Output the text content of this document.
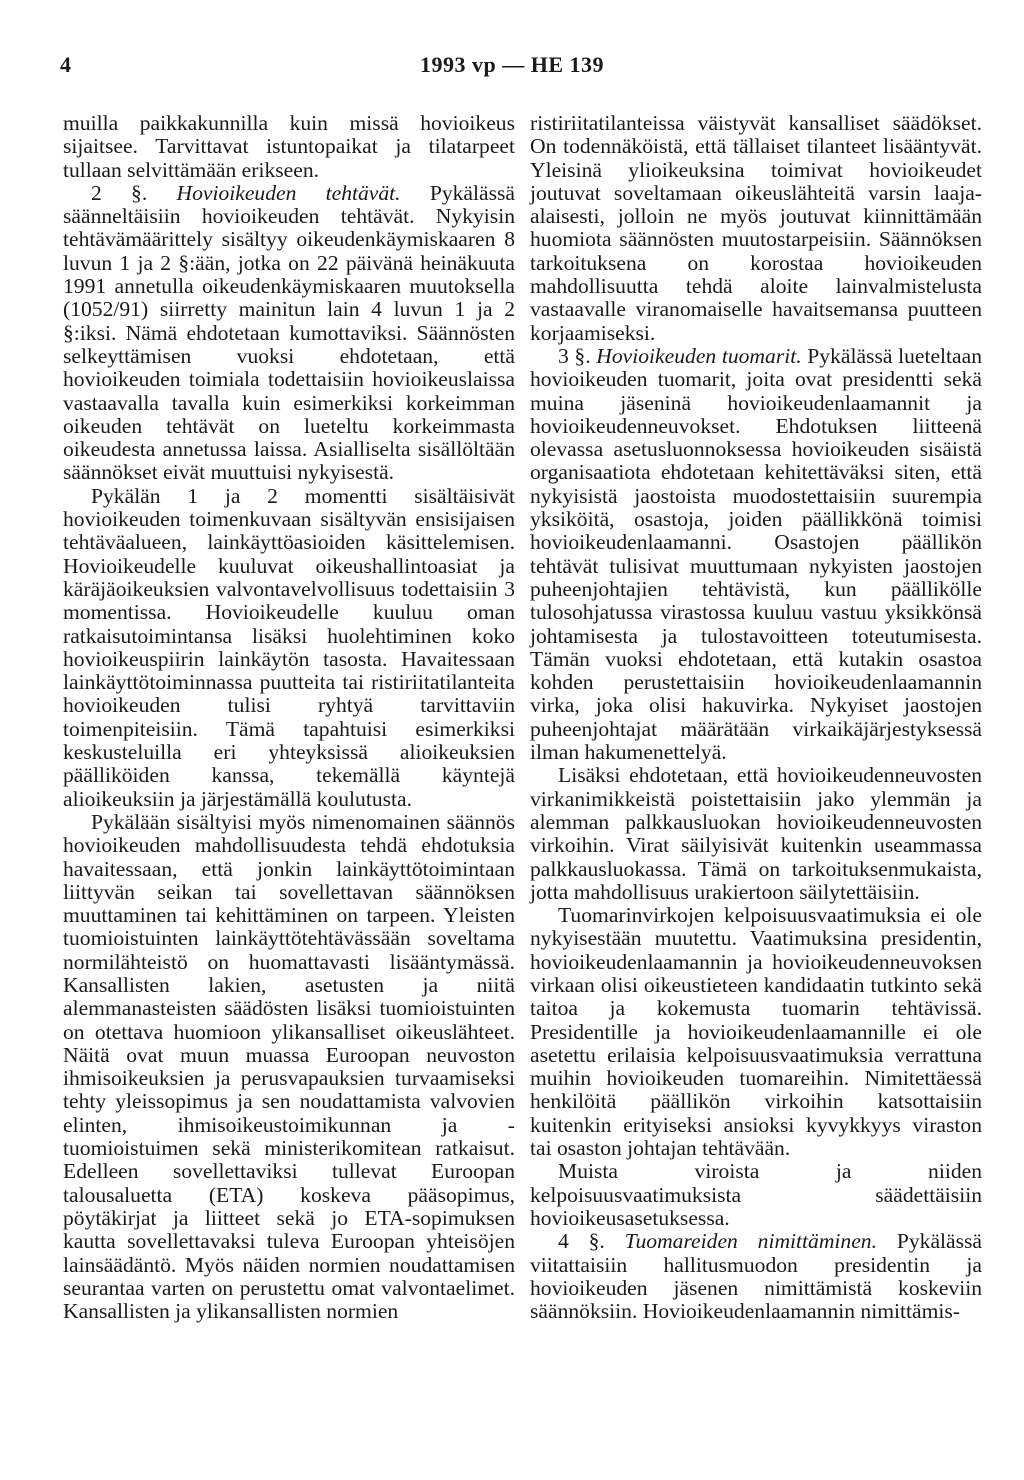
4	1993 vp — HE 139

muilla paikkakunnilla kuin missä hovioikeus sijaitsee. Tarvittavat istuntopaikat ja tilatarpeet tullaan selvittämään erikseen.

2 §. Hovioikeuden tehtävät. Pykälässä säänneltäisiin hovioikeuden tehtävät. Nykyisin tehtävämäärittely sisältyy oikeudenkäymiskaaren 8 luvun 1 ja 2 §:ään, jotka on 22 päivänä heinäkuuta 1991 annetulla oikeudenkäymiskaaren muutoksella (1052/91) siirretty mainitun lain 4 luvun 1 ja 2 §:iksi. Nämä ehdotetaan kumottaviksi. Säännösten selkeyttämisen vuoksi ehdotetaan, että hovioikeuden toimiala todettaisiin hovioikeuslaissa vastaavalla tavalla kuin esimerkiksi korkeimman oikeuden tehtävät on lueteltu korkeimmasta oikeudesta annetussa laissa. Asialliselta sisällöltään säännökset eivät muuttuisi nykyisestä.

Pykälän 1 ja 2 momentti sisältäisivät hovioikeuden toimenkuvaan sisältyvän ensisijaisen tehtäväalueen, lainkäyttöasioiden käsittelemisen. Hovioikeudelle kuuluvat oikeushallintoasiat ja käräjäoikeuksien valvontavelvollisuus todettaisiin 3 momentissa. Hovioikeudelle kuuluu oman ratkaisutoimintansa lisäksi huolehtiminen koko hovioikeuspiirin lainkäytön tasosta. Havaitessaan lainkäyttötoiminnassa puutteita tai ristiriitatilanteita hovioikeuden tulisi ryhtyä tarvittaviin toimenpiteisiin. Tämä tapahtuisi esimerkiksi keskusteluilla eri yhteyksissä alioikeuksien päälliköiden kanssa, tekemällä käyntejä alioikeuksiin ja järjestämällä koulutusta.

Pykälään sisältyisi myös nimenomainen säännös hovioikeuden mahdollisuudesta tehdä ehdotuksia havaitessaan, että jonkin lainkäyttötoimintaan liittyvän seikan tai sovellettavan säännöksen muuttaminen tai kehittäminen on tarpeen. Yleisten tuomioistuinten lainkäyttötehtävässään soveltama normilähteistö on huomattavasti lisääntymässä. Kansallisten lakien, asetusten ja niitä alemmanasteisten säädösten lisäksi tuomioistuinten on otettava huomioon ylikansalliset oikeuslähteet. Näitä ovat muun muassa Euroopan neuvoston ihmisoikeuksien ja perusvapauksien turvaamiseksi tehty yleissopimus ja sen noudattamista valvovien elinten, ihmisoikeustoimikunnan ja -tuomioistuimen sekä ministerikomitean ratkaisut. Edelleen sovellettaviksi tullevat Euroopan talousaluetta (ETA) koskeva pääsopimus, pöytäkirjat ja liitteet sekä jo ETA-sopimuksen kautta sovellettavaksi tuleva Euroopan yhteisöjen lainsäädäntö. Myös näiden normien noudattamisen seurantaa varten on perustettu omat valvontaelimet. Kansallisten ja ylikansallisten normien

ristiriitatilanteissa väistyvät kansalliset säädökset. On todennäköistä, että tällaiset tilanteet lisääntyvät. Yleisinä ylioikeuksina toimivat hovioikeudet joutuvat soveltamaan oikeuslähteitä varsin laaja-alaisesti, jolloin ne myös joutuvat kiinnittämään huomiota säännösten muutostarpeisiin. Säännöksen tarkoituksena on korostaa hovioikeuden mahdollisuutta tehdä aloite lainvalmistelusta vastaavalle viranomaiselle havaitsemansa puutteen korjaamiseksi.

3 §. Hovioikeuden tuomarit. Pykälässä lueteltaan hovioikeuden tuomarit, joita ovat presidentti sekä muina jäseninä hovioikeudenlaamannit ja hovioikeudenneuvokset. Ehdotuksen liitteenä olevassa asetusluonnoksessa hovioikeuden sisäistä organisaatiota ehdotetaan kehitettäväksi siten, että nykyisistä jaostoista muodostettaisiin suurempia yksiköitä, osastoja, joiden päällikkönä toimisi hovioikeudenlaamanni. Osastojen päällikön tehtävät tulisivat muuttumaan nykyisten jaostojen puheenjohtajien tehtävistä, kun päällikölle tulosohjatussa virastossa kuuluu vastuu yksikkönsä johtamisesta ja tulostavoitteen toteutumisesta. Tämän vuoksi ehdotetaan, että kutakin osastoa kohden perustettaisiin hovioikeudenlaamannin virka, joka olisi hakuvirka. Nykyiset jaostojen puheenjohtajat määrätään virkaikäjärjestyksessä ilman hakumenettelyä.

Lisäksi ehdotetaan, että hovioikeudenneuvosten virkanimikkeistä poistettaisiin jako ylemmän ja alemman palkkausluokan hovioikeudenneuvosten virkoihin. Virat säilyisivät kuitenkin useammassa palkkausluokassa. Tämä on tarkoituksenmukaista, jotta mahdollisuus urakiertoon säilytettäisiin.

Tuomarinvirkojen kelpoisuusvaatimuksia ei ole nykyisestään muutettu. Vaatimuksina presidentin, hovioikeudenlaamannin ja hovioikeudenneuvoksen virkaan olisi oikeustieteen kandidaatin tutkinto sekä taitoa ja kokemusta tuomarin tehtävissä. Presidentille ja hovioikeudenlaamannille ei ole asetettu erilaisia kelpoisuusvaatimuksia verrattuna muihin hovioikeuden tuomareihin. Nimitettäessä henkilöitä päällikön virkoihin katsottaisiin kuitenkin erityiseksi ansioksi kyvykkyys viraston tai osaston johtajan tehtävään.

Muista viroista ja niiden kelpoisuusvaatimuksista säädettäisiin hovioikeusasetuksessa.

4 §. Tuomareiden nimittäminen. Pykälässä viitattaisiin hallitusmuodon presidentin ja hovioikeuden jäsenen nimittämistä koskeviin säännöksiin. Hovioikeudenlaamannin nimittämis-
